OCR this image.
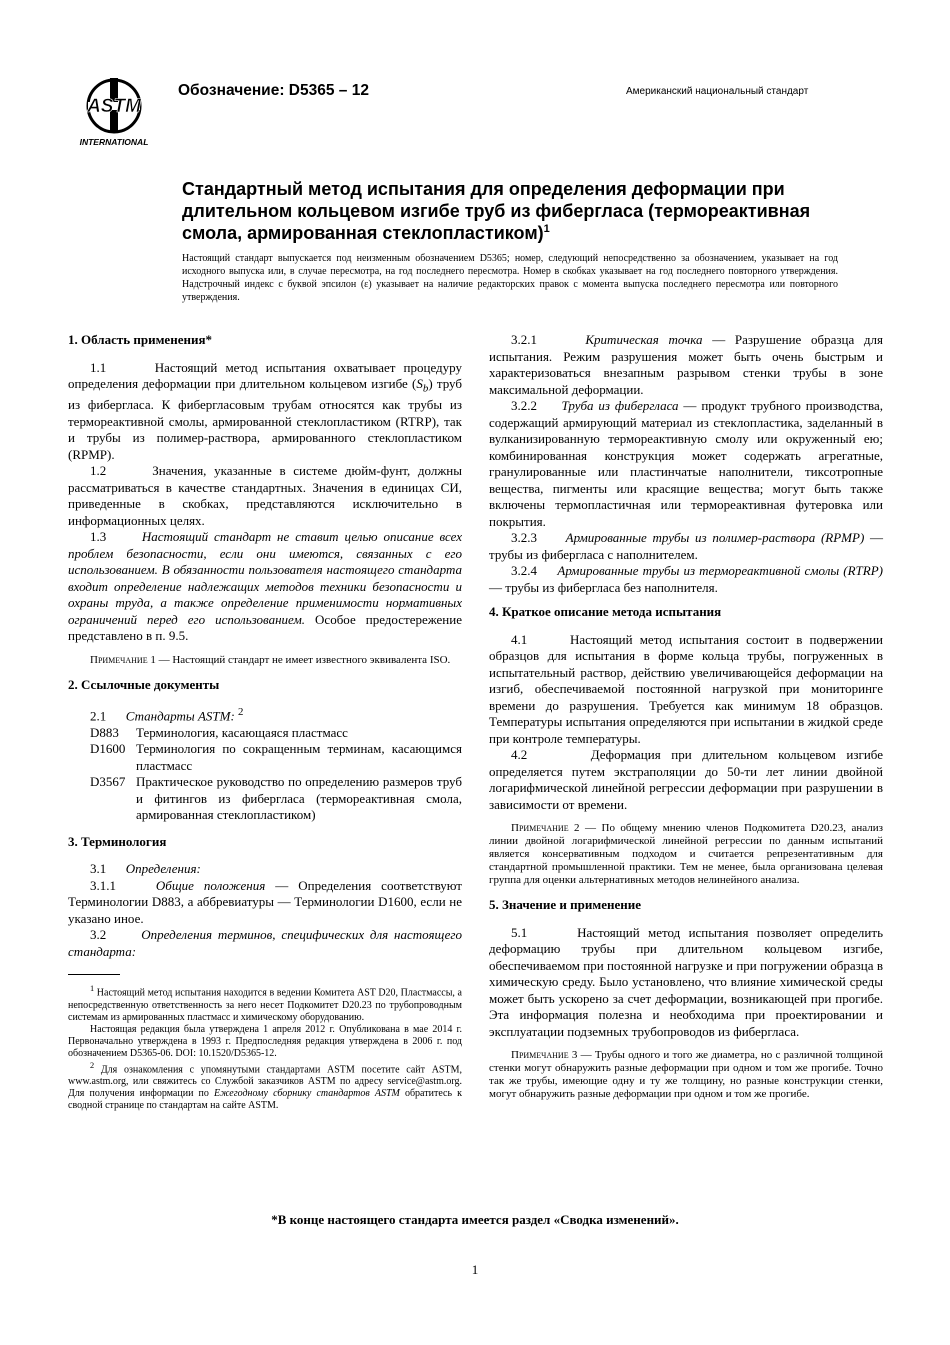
ASTM
INTERNATIONAL
Обозначение: D5365 – 12	Американский национальный стандарт
Стандартный метод испытания для определения деформации при длительном кольцевом изгибе труб из фибергласа (термореактивная смола, армированная стеклопластиком)$^1$
Настоящий стандарт выпускается под неизменным обозначением D5365; номер, следующий непосредственно за обозначением, указывает на год исходного выпуска или, в случае пересмотра, на год последнего пересмотра. Номер в скобках указывает на год последнего повторного утверждения. Надстрочный индекс с буквой эпсилон (ε) указывает на наличие редакторских правок с момента выпуска последнего пересмотра или повторного утверждения.
1. Область применения*

1.1	Настоящий метод испытания охватывает процедуру определения деформации при длительном кольцевом изгибе $(S_b)$ труб из фибергласа. К фибергласовым трубам относятся как трубы из термореактивной смолы, армированной стеклопластиком (RTRP), так и трубы из полимер-раствора, армированного стеклопластиком (RPMP).

1.2	Значения, указанные в системе дюйм-фунт, должны рассматриваться в качестве стандартных. Значения в единицах СИ, приведенные в скобках, представляются исключительно в информационных целях.

1.3	Настоящий стандарт не ставит целью описание всех проблем безопасности, если они имеются, связанных с его использованием. В обязанности пользователя настоящего стандарта входит определение надлежащих методов техники безопасности и охраны труда, а также определение применимости нормативных ограничений перед его использованием. Особое предостережение представлено в п. 9.5.

Примечание 1 — Настоящий стандарт не имеет известного эквивалента ISO.
2. Ссылочные документы

2.1 Стандарты ASTM: $^2$

D883	Терминология, касающаяся пластмасс
D1600 Терминология по сокращенным терминам, касающимся пластмасс
D3567 Практическое руководство по определению размеров труб и фитингов из фибергласа (термореактивная смола, армированная стеклопластиком)
3. Терминология

3.1 Определения:

3.1.1	Общие положения — Определения соответствуют Терминологии D883, а аббревиатуры — Терминологии D1600, если не указано иное.

3.2	Определения терминов, специфических для настоящего стандарта:

$^1$ Настоящий метод испытания находится в ведении Комитета AST D20, Пластмассы, а непосредственную ответственность за него несет Подкомитет D20.23 по трубопроводным системам из армированных пластмасс и химическому оборудованию.

Настоящая редакция была утверждена 1 апреля 2012 г. Опубликована в мае 2014 г. Первоначально утверждена в 1993 г. Предпоследняя редакция утверждена в 2006 г. под обозначением D5365-06. DOI: 10.1520/D5365-12.

$^2$ Для ознакомления с упомянутыми стандартами ASTM посетите сайт ASTM, www.astm.org, или свяжитесь со Службой заказчиков ASTM по адресу service@astm.org. Для получения информации по Ежегодному сборнику стандартов ASTM обратитесь к сводной странице по стандартам на сайте ASTM.

3.2.1	Критическая точка — Разрушение образца для испытания. Режим разрушения может быть очень быстрым и характеризоваться внезапным разрывом стенки трубы в зоне максимальной деформации.

3.2.2 Труба из фибергласа — продукт трубного производства, содержащий армирующий материал из стеклопластика, заделанный в вулканизированную термореактивную смолу или окруженный ею; комбинированная конструкция может содержать агрегатные, гранулированные или пластинчатые наполнители, тиксотропные вещества, пигменты или красящие вещества; могут быть также включены термопластичная или термореактивная футеровка или покрытия.

3.2.3 Армированные трубы из полимер-раствора (RPMP) — трубы из фибергласа с наполнителем.

3.2.4 Армированные трубы из термореактивной смолы (RTRP) — трубы из фибергласа без наполнителя.

4. Краткое описание метода испытания

4.1	Настоящий метод испытания состоит в подвержении образцов для испытания в форме кольца трубы, погруженных в испытательный раствор, действию увеличивающейся деформации на изгиб, обеспечиваемой постоянной нагрузкой при мониторинге времени до разрушения. Требуется как минимум 18 образцов. Температуры испытания определяются при испытании в жидкой среде при контроле температуры.

4.2	Деформация при длительном кольцевом изгибе определяется путем экстраполяции до 50-ти лет линии двойной логарифмической линейной регрессии деформации при разрушении в зависимости от времени.

Примечание 2 — По общему мнению членов Подкомитета D20.23, анализ линии двойной логарифмической линейной регрессии по данным испытаний является консервативным подходом и считается репрезентативным для стандартной промышленной практики. Тем не менее, была организована целевая группа для оценки альтернативных методов нелинейного анализа.
5. Значение и применение

5.1	Настоящий метод испытания позволяет определить деформацию трубы при длительном кольцевом изгибе, обеспечиваемом при постоянной нагрузке и при погружении образца в химическую среду. Было установлено, что влияние химической среды может быть ускорено за счет деформации, возникающей при прогибе. Эта информация полезна и необходима при проектировании и эксплуатации подземных трубопроводов из фибергласа.

Примечание 3 — Трубы одного и того же диаметра, но с различной толщиной стенки могут обнаружить разные деформации при одном и том же прогибе. Точно так же трубы, имеющие одну и ту же толщину, но разные конструкции стенки, могут обнаружить разные деформации при одном и том же прогибе.
*В конце настоящего стандарта имеется раздел «Сводка изменений».
1
